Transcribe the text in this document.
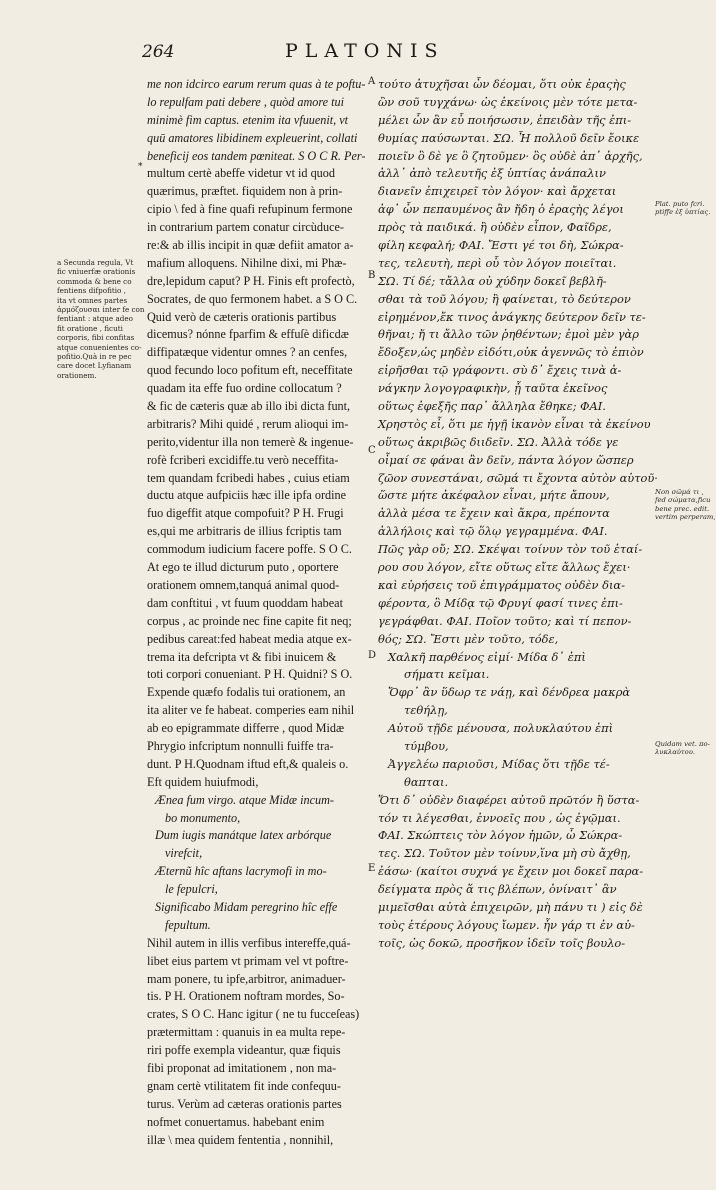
264	PLATONIS
*
a Secunda regula, Vt
fic vniuerfæ orationis
commoda & bene co
fentiens difpofitio ,
ita vt omnes partes
ἁρμόζουσαι inter fe con
fentiant : atque adeo
fit oratione , ficuti
corporis, fibi confitas
atque conuenientes co-
pofitio.Quà in re pec
care docet Lyfianam
orationem.
me non idcirco earum rerum quas à te poftu-
lo repulfam pati debere , quòd amore tui
minimè fim captus. etenim ita vfuuenit, vt
quū amatores libidinem expleuerint, collati
beneficij eos tandem pœniteat. S O C R. Per-
multum certè abeffe videtur vt id quod
quærimus, præftet. fiquidem non à prin-
cipio \ fed à fine quafi refupinum fermone
in contrarium partem conatur circùduce-
re:& ab illis incipit in quæ defiit amator a-
mafium alloquens. Nihilne dixi, mi Phæ-
dre,lepidum caput? P H. Finis eft profectò,
Socrates, de quo fermonem habet. a S O C.
Quid verò de cæteris orationis partibus
dicemus? nónne fparfim & effuſè dificdæ
diffipatæque videntur omnes ? an cenfes,
quod fecundo loco pofitum eft, neceffitate
quadam ita effe fuo ordine collocatum ?
& fic de cæteris quæ ab illo ibi dicta funt,
arbitraris? Mihi quidé , rerum alioqui im-
perito,videntur illa non temerè & ingenue-
rofè fcriberi excidiffe.tu verò neceffita-
tem quandam fcribedi habes , cuius etiam
ductu atque aufpiciis hæc ille ipfa ordine
fuo digeffit atque compofuit? P H. Frugi
es,qui me arbitraris de illius fcriptis tam
commodum iudicium facere poffe. S O C.
At ego te illud dicturum puto , oportere
orationem omnem,tanquá animal quod-
dam conftitui , vt fuum quoddam habeat
corpus , ac proinde nec fine capite fit neq;
pedibus careat:fed habeat media atque ex-
trema ita defcripta vt & fibi inuicem &
toti corpori conueniant. P H. Quidni? S O.
Expende quæfo fodalis tui orationem, an
ita aliter ve fe habeat. comperies eam nihil
ab eo epigrammate differre , quod Midæ
Phrygio infcriptum nonnulli fuiffe tra-
dunt. P H.Quodnam iftud eft,& qualeis o.
Eft quidem huiufmodi,
Ænea fum virgo. atque Midæ incum-
bo monumento,
Dum iugis manátque latex arbórque
virefcit,
Æternũ hîc aftans lacrymofi in mo-
le fepulcri,
Significabo Midam peregrino hîc effe
fepultum.
Nihil autem in illis verfibus intereffe,quá-
libet eius partem vt primam vel vt poftre-
mam ponere, tu ipfe,arbitror, animaduer-
tis. P H. Orationem noftram mordes, So-
crates, S O C. Hanc igitur ( ne tu fucceſeas)
prætermittam : quanuis in ea multa repe-
riri poffe exempla videantur, quæ fiquis
fibi proponat ad imitationem , non ma-
gnam certè vtilitatem fit inde confequu-
turus. Verùm ad cæteras orationis partes
nofmet conuertamus. habebant enim
illæ \ mea quidem fententia , nonnihil,
A
B
C
D
E
τούτο ἀτυχῆσαι ὧν δέομαι, ὅτι οὐκ ἐραςὴς
ὢν σοῦ τυγχάνω· ὡς ἐκείνοις μὲν τότε μετα-
μέλει ὧν ἂν εὖ ποιήσωσιν, ἐπειδὰν τῆς ἐπι-
θυμίας παύσωνται. ΣΩ. Ἦ πολλοῦ δεῖν ἔοικε
ποιεῖν ὃ δὲ γε ὃ ζητοῦμεν· ὃς οὐδὲ ἀπ᾽ ἀρχῆς,
ἀλλ᾽ ἀπὸ τελευτῆς ἐξ ὑπτίας ἀνάπαλιν
διανεῖν ἐπιχειρεῖ τὸν λόγον· καὶ ἄρχεται
ἀφ᾽ ὧν πεπαυμένος ἂν ἤδη ὁ ἐραςὴς λέγοι
πρὸς τὰ παιδικά. ἢ οὐδὲν εἶπον, Φαῖδρε,
φίλη κεφαλή; ΦΑΙ. Ἔστι γέ τοι δὴ, Σώκρα-
τες, τελευτὴ, περὶ οὗ τὸν λόγον ποιεῖται.
ΣΩ. Τί δέ; τἄλλα οὐ χύδην δοκεῖ βεβλῆ-
σθαι τὰ τοῦ λόγου; ἢ φαίνεται, τὸ δεύτερον
εἰρημένον,ἔκ τινος ἀνάγκης δεύτερον δεῖν τε-
θῆναι; ἤ τι ἄλλο τῶν ῥηθέντων; ἐμοὶ μὲν γὰρ
ἔδοξεν,ὡς μηδὲν εἰδότι,οὐκ ἀγεννῶς τὸ ἐπιὸν
εἰρῆσθαι τῷ γράφοντι. σὺ δ᾽ ἔχεις τινὰ ἀ-
νάγκην λογογραφικὴν, ᾗ ταῦτα ἐκεῖνος
οὕτως ἐφεξῆς παρ᾽ ἄλληλα ἔθηκε; ΦΑΙ.
Χρηστὸς εἶ, ὅτι με ἡγῇ ἱκανὸν εἶναι τὰ ἐκείνου
οὕτως ἀκριβῶς διιδεῖν. ΣΩ. Ἀλλὰ τόδε γε
οἶμαί σε φάναι ἂν δεῖν, πάντα λόγον ὥσπερ
ζῶον συνεστάναι, σῶμά τι ἔχοντα αὐτὸν αὑτοῦ·
ὥστε μήτε ἀκέφαλον εἶναι, μήτε ἄπουν,
ἀλλὰ μέσα τε ἔχειν καὶ ἄκρα, πρέποντα
ἀλλήλοις καὶ τῷ ὅλῳ γεγραμμένα. ΦΑΙ.
Πῶς γὰρ οὔ; ΣΩ. Σκέψαι τοίνυν τὸν τοῦ ἑταί-
ρου σου λόγον, εἴτε οὕτως εἴτε ἄλλως ἔχει·
καὶ εὑρήσεις τοῦ ἐπιγράμματος οὐδὲν δια-
φέροντα, ὃ Μίδᾳ τῷ Φρυγί φασί τινες ἐπι-
γεγράφθαι. ΦΑΙ. Ποῖον τοῦτο; καὶ τί πεπον-
θός; ΣΩ. Ἔστι μὲν τοῦτο, τόδε,
Χαλκῆ παρθένος εἰμί· Μίδα δ᾽ ἐπὶ
σήματι κεῖμαι.
Ὄφρ᾽ ἂν ὕδωρ τε νάῃ, καὶ δένδρεα μακρὰ
τεθήλῃ,
Αὐτοῦ τῇδε μένουσα, πολυκλαύτου ἐπὶ
τύμβου,
Ἀγγελέω παριοῦσι, Μίδας ὅτι τῇδε τέ-
θαπται.
Ὅτι δ᾽ οὐδὲν διαφέρει αὐτοῦ πρῶτόν ἢ ὕστα-
τόν τι λέγεσθαι, ἐννοεῖς που , ὡς ἐγῷμαι.
ΦΑΙ. Σκώπτεις τὸν λόγον ἡμῶν, ὦ Σώκρα-
τες. ΣΩ. Τοῦτον μὲν τοίνυν,ἵνα μὴ σὺ ἄχθῃ,
ἐάσω· (καίτοι συχνά γε ἔχειν μοι δοκεῖ παρα-
δείγματα πρὸς ἅ τις βλέπων, ὀνίναιτ᾽ ἂν
μιμεῖσθαι αὐτὰ ἐπιχειρῶν, μὴ πάνυ τι ) εἰς δὲ
τοὺς ἑτέρους λόγους ἴωμεν. ἦν γάρ τι ἐν αὐ-
τοῖς, ὡς δοκῶ, προσῆκον ἰδεῖν τοῖς βουλο-
Plat. puto fcri.
ptiffe ἐξ ὑπτίας.
Non σῶμά τι ,
fed σώματα,ficu
bene prec. edit.
vertim perperam,
Quidam vet. πο-
λυκλαύτου.
